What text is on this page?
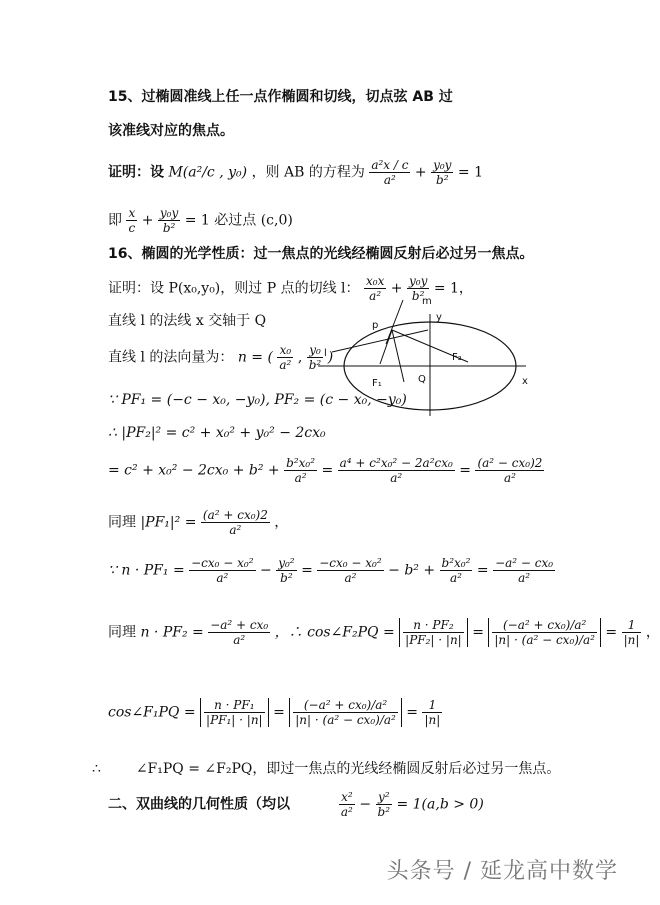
15、过椭圆准线上任一点作椭圆和切线，切点弦 AB 过
该准线对应的焦点。
证明：设 M(a²/c , y₀) ，则 AB 的方程为 $\frac{\text{a²x / c}}{\text{a²}} + \frac{\text{y₀y}}{\text{b²}} = 1$
即 $\frac{x}{c} + \frac{\text{y₀y}}{\text{b²}} = 1$ 必过点 (c,0)
16、椭圆的光学性质：过一焦点的光线经椭圆反射后必过另一焦点。
证明：设 P(x₀,y₀)，则过 P 点的切线 l： $\frac{\text{x₀x}}{\text{a²}} + \frac{\text{y₀y}}{\text{b²}} = 1$，
直线 l 的法线 x 交轴于 Q
直线 l 的法向量为： n = ( $\frac{\text{x₀}}{\text{a²}}$ , $\frac{\text{y₀}}{\text{b²}}$ )
∵ PF₁ = (−c − x₀, −y₀), PF₂ = (c − x₀, −y₀)
∴ |PF₂|² = c² + x₀² + y₀² − 2cx₀
= $c^2 + x_0^2 - 2cx_0 + b^2 + \frac{\text{b²x₀²}}{\text{a²}} = \frac{\text{a⁴ + c²x₀² − 2a²cx₀}}{\text{a²}} = \frac{\text{(a² − cx₀)2}}{\text{a²}}$
同理 $|PF_1|^2 = \frac{\text{(a² + cx₀)2}}{\text{a²}}$ ，
∵ $n \cdot PF_1 = \frac{\text{−cx₀ − x₀²}}{\text{a²}} - \frac{\text{y₀²}}{\text{b²}} = \frac{\text{−cx₀ − x₀²}}{\text{a²}} - b^2 + \frac{\text{b²x₀²}}{\text{a²}} = \frac{\text{−a² − cx₀}}{\text{a²}}$
同理 $n \cdot PF_2 = \frac{\text{−a² + cx₀}}{\text{a²}}$ ，∴ cos∠F₂PQ = $\frac{\text{n · PF₂}}{\text{|PF₂| · |n|}} = \frac{\text{(−a² + cx₀)/a²}}{\text{|n| · (a² − cx₀)/a²}} = \frac{1}{|n|}$ ，
cos∠F₁PQ = $\frac{\text{n · PF₁}}{\text{|PF₁| · |n|}} = \frac{\text{(−a² + cx₀)/a²}}{\text{|n| · (a² − cx₀)/a²}} = \frac{1}{|n|}$
∴ ∠F₁PQ = ∠F₂PQ，即过一焦点的光线经椭圆反射后必过另一焦点。
二、双曲线的几何性质（均以	$\frac{\text{x²}}{\text{a²}} - \frac{\text{y²}}{\text{b²}} = 1(a,b > 0)$
m
y
p
l
F₁
F₂
Q	x
头条号 / 延龙高中数学
